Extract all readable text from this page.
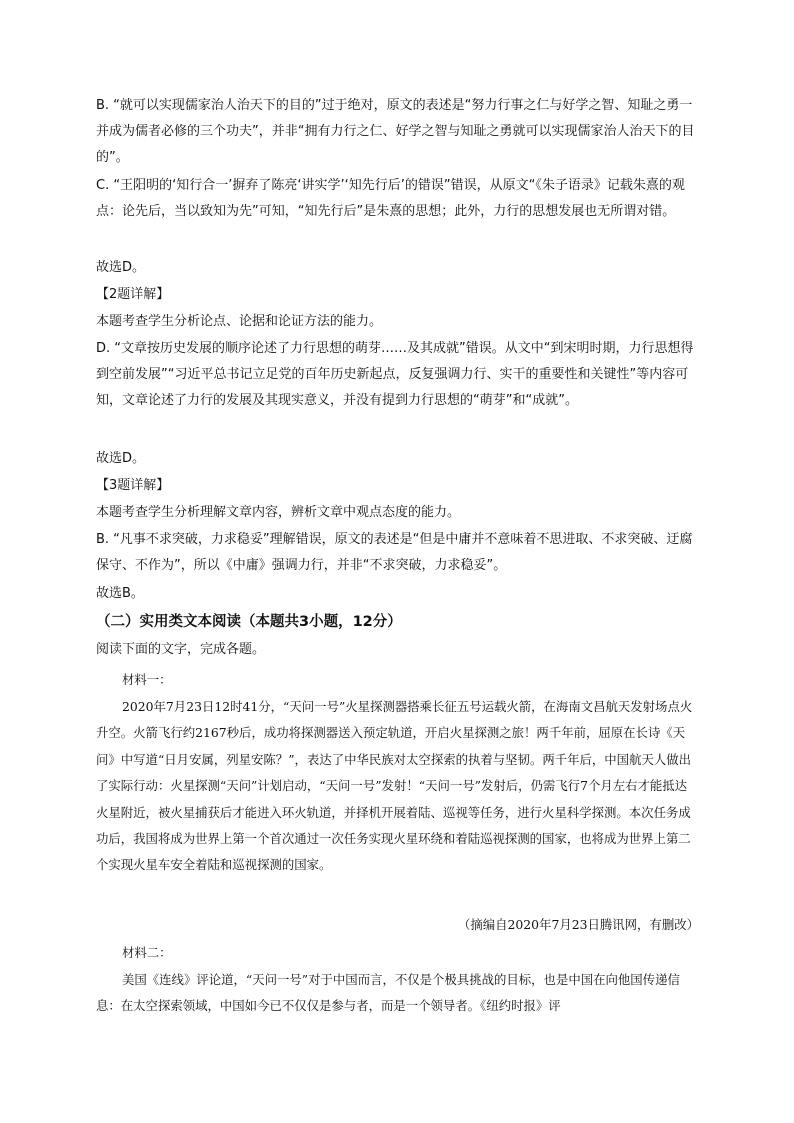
B. “就可以实现儒家治人治天下的目的”过于绝对，原文的表述是“努力行事之仁与好学之智、知耻之勇一并成为儒者必修的三个功夫”，并非“拥有力行之仁、好学之智与知耻之勇就可以实现儒家治人治天下的目的”。

C. “王阳明的‘知行合一’摒弃了陈亮‘讲实学’‘知先行后’的错误”错误，从原文“《朱子语录》记载朱熹的观点：论先后，当以致知为先”可知，“知先行后”是朱熹的思想；此外，力行的思想发展也无所谓对错。

故选D。

【2题详解】

本题考查学生分析论点、论据和论证方法的能力。

D. “文章按历史发展的顺序论述了力行思想的萌芽……及其成就”错误。从文中“到宋明时期，力行思想得到空前发展”“习近平总书记立足党的百年历史新起点，反复强调力行、实干的重要性和关键性”等内容可知，文章论述了力行的发展及其现实意义，并没有提到力行思想的“萌芽”和“成就”。

故选D。

【3题详解】

本题考查学生分析理解文章内容，辨析文章中观点态度的能力。

B. “凡事不求突破，力求稳妥”理解错误，原文的表述是“但是中庸并不意味着不思进取、不求突破、迂腐保守、不作为”，所以《中庸》强调力行，并非“不求突破，力求稳妥”。

故选B。

（二）实用类文本阅读（本题共3小题，12分）

阅读下面的文字，完成各题。

材料一：

2020年7月23日12时41分，“天问一号”火星探测器搭乘长征五号运载火箭，在海南文昌航天发射场点火升空。火箭飞行约2167秒后，成功将探测器送入预定轨道，开启火星探测之旅！两千年前，屈原在长诗《天问》中写道“日月安属，列星安陈？”，表达了中华民族对太空探索的执着与坚韧。两千年后，中国航天人做出了实际行动：火星探测“天问”计划启动，“天问一号”发射！“天问一号”发射后，仍需飞行7个月左右才能抵达火星附近，被火星捕获后才能进入环火轨道，并择机开展着陆、巡视等任务，进行火星科学探测。本次任务成功后，我国将成为世界上第一个首次通过一次任务实现火星环绕和着陆巡视探测的国家，也将成为世界上第二个实现火星车安全着陆和巡视探测的国家。

（摘编自2020年7月23日腾讯网，有删改）

材料二：

美国《连线》评论道，“天问一号”对于中国而言，不仅是个极具挑战的目标，也是中国在向他国传递信息：在太空探索领域，中国如今已不仅仅是参与者，而是一个领导者。《纽约时报》评
